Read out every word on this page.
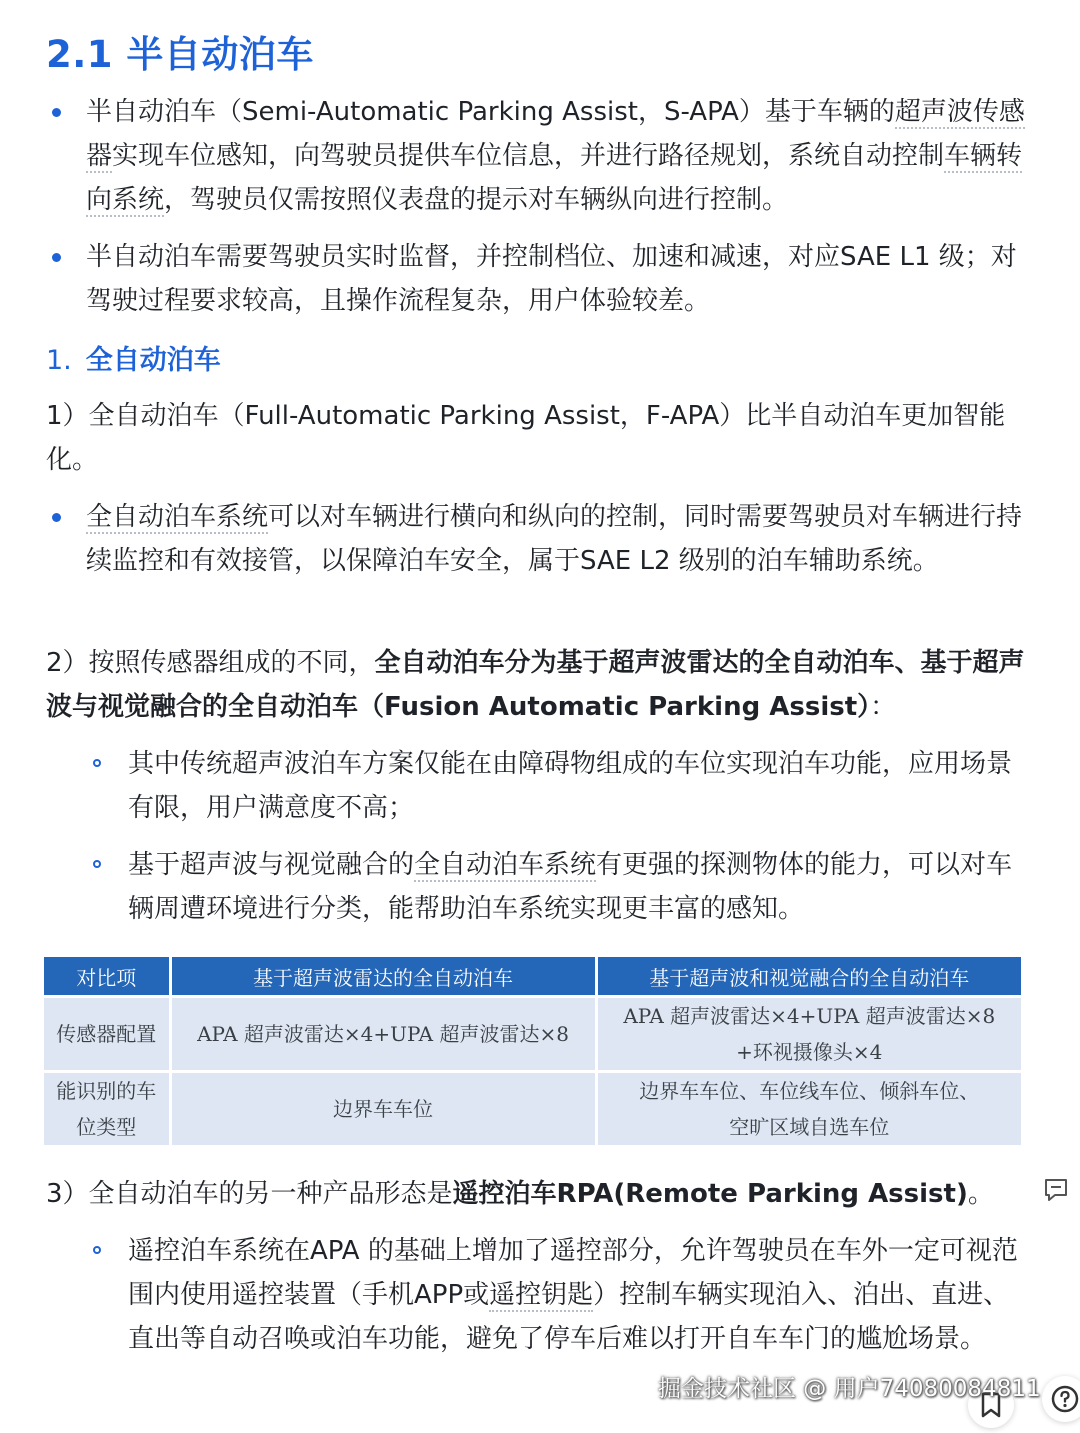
2.1 半自动泊车
半自动泊车（Semi-Automatic Parking Assist，S-APA）基于车辆的超声波传感器实现车位感知，向驾驶员提供车位信息，并进行路径规划，系统自动控制车辆转向系统，驾驶员仅需按照仪表盘的提示对车辆纵向进行控制。
半自动泊车需要驾驶员实时监督，并控制档位、加速和减速，对应SAE L1 级；对驾驶过程要求较高，且操作流程复杂，用户体验较差。
1. 全自动泊车
1）全自动泊车（Full-Automatic Parking Assist，F-APA）比半自动泊车更加智能化。
全自动泊车系统可以对车辆进行横向和纵向的控制，同时需要驾驶员对车辆进行持续监控和有效接管，以保障泊车安全，属于SAE L2 级别的泊车辅助系统。
2）按照传感器组成的不同，全自动泊车分为基于超声波雷达的全自动泊车、基于超声波与视觉融合的全自动泊车（Fusion Automatic Parking Assist）：
其中传统超声波泊车方案仅能在由障碍物组成的车位实现泊车功能，应用场景有限，用户满意度不高；
基于超声波与视觉融合的全自动泊车系统有更强的探测物体的能力，可以对车辆周遭环境进行分类，能帮助泊车系统实现更丰富的感知。
对比项	基于超声波雷达的全自动泊车	基于超声波和视觉融合的全自动泊车
传感器配置	APA 超声波雷达×4+UPA 超声波雷达×8	APA 超声波雷达×4+UPA 超声波雷达×8
+环视摄像头×4
能识别的车
位类型	边界车车位	边界车车位、车位线车位、倾斜车位、
空旷区域自选车位
3）全自动泊车的另一种产品形态是遥控泊车RPA(Remote Parking Assist)。
遥控泊车系统在APA 的基础上增加了遥控部分，允许驾驶员在车外一定可视范围内使用遥控装置（手机APP或遥控钥匙）控制车辆实现泊入、泊出、直进、直出等自动召唤或泊车功能，避免了停车后难以打开自车车门的尴尬场景。
掘金技术社区 @ 用户74080084811
